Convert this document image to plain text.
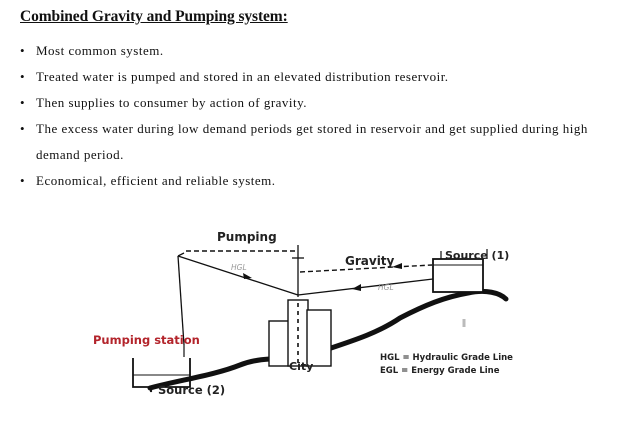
Combined Gravity and Pumping system:
• Most common system.
• Treated water is pumped and stored in an elevated distribution reservoir.
• Then supplies to consumer by action of gravity.
• The excess water during low demand periods get stored in reservoir and get supplied during high demand period.
• Economical, efficient and reliable system.
Pumping
HGL	Gravity
HGL
Source (1)
Pumping station
City
Source (2)
HGL = Hydraulic Grade Line
EGL = Energy Grade Line
